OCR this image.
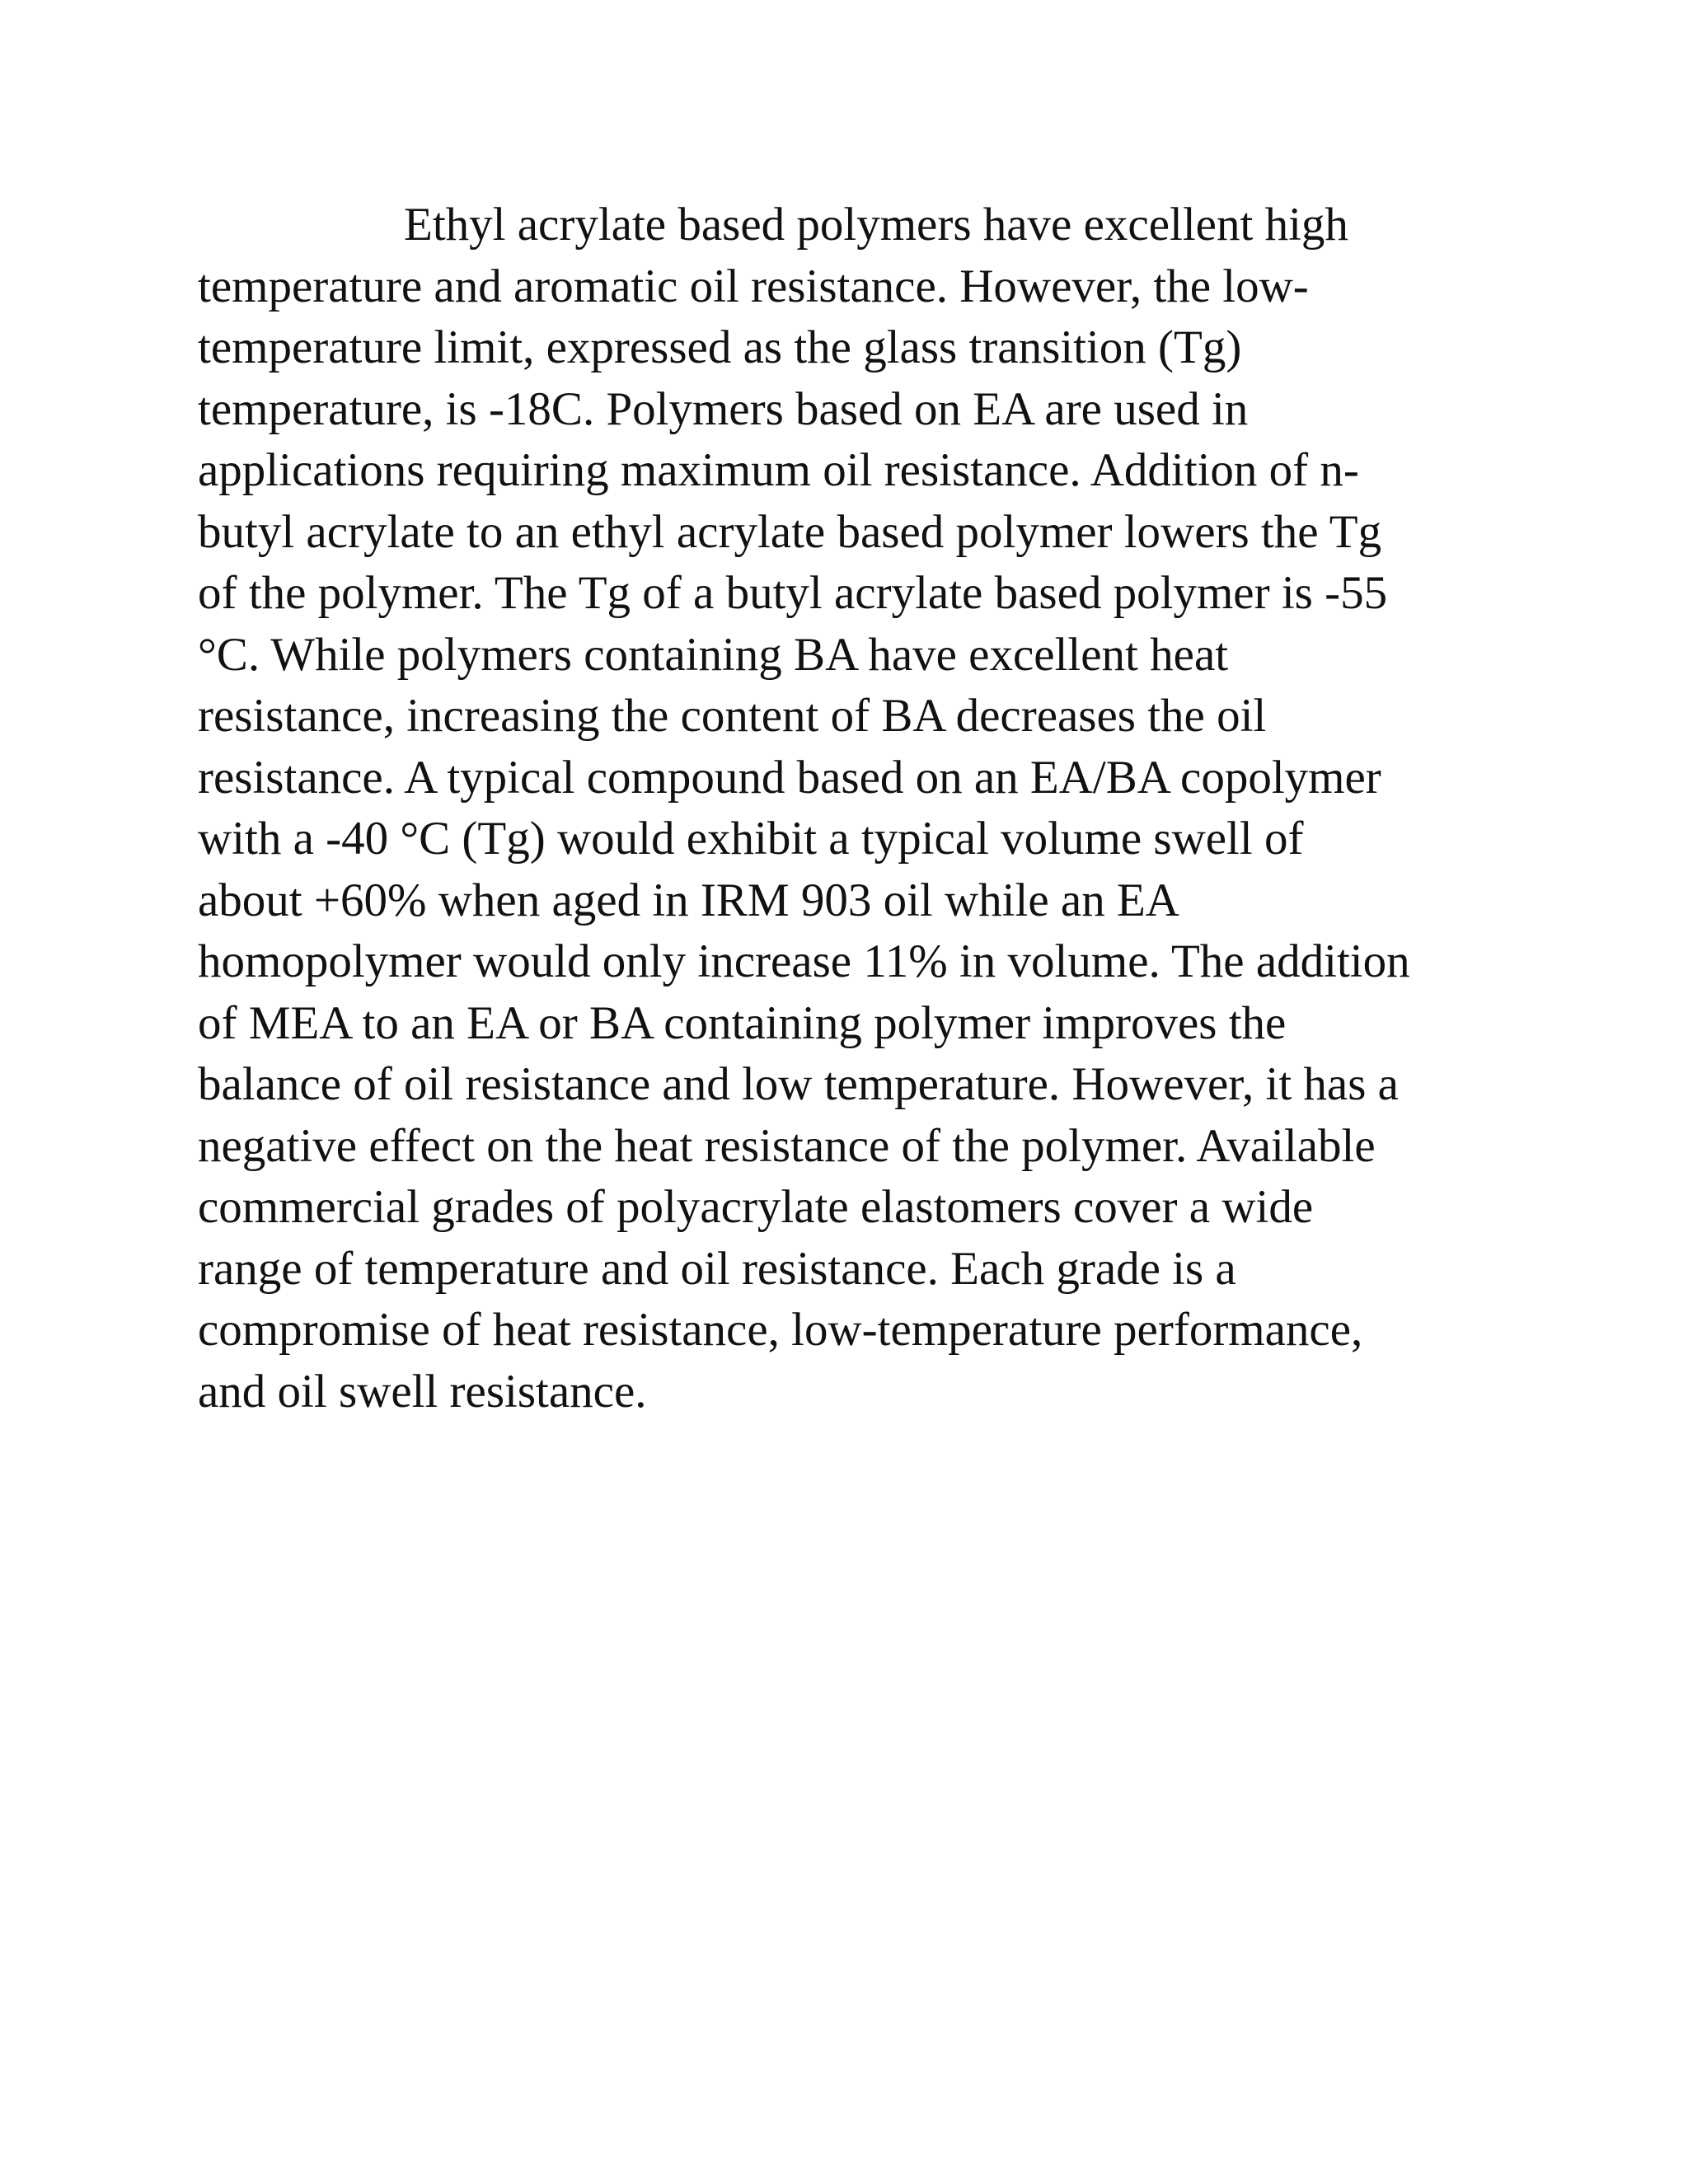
Ethyl acrylate based polymers have excellent high
temperature and aromatic oil resistance. However, the low-
temperature limit, expressed as the glass transition (Tg)
temperature, is -18C. Polymers based on EA are used in
applications requiring maximum oil resistance. Addition of n-
butyl acrylate to an ethyl acrylate based polymer lowers the Tg
of the polymer. The Tg of a butyl acrylate based polymer is -55
°C. While polymers containing BA have excellent heat
resistance, increasing the content of BA decreases the oil
resistance. A typical compound based on an EA/BA copolymer
with a -40 °C (Tg) would exhibit a typical volume swell of
about +60% when aged in IRM 903 oil while an EA
homopolymer would only increase 11% in volume. The addition
of MEA to an EA or BA containing polymer improves the
balance of oil resistance and low temperature. However, it has a
negative effect on the heat resistance of the polymer. Available
commercial grades of polyacrylate elastomers cover a wide
range of temperature and oil resistance. Each grade is a
compromise of heat resistance, low-temperature performance,
and oil swell resistance.
